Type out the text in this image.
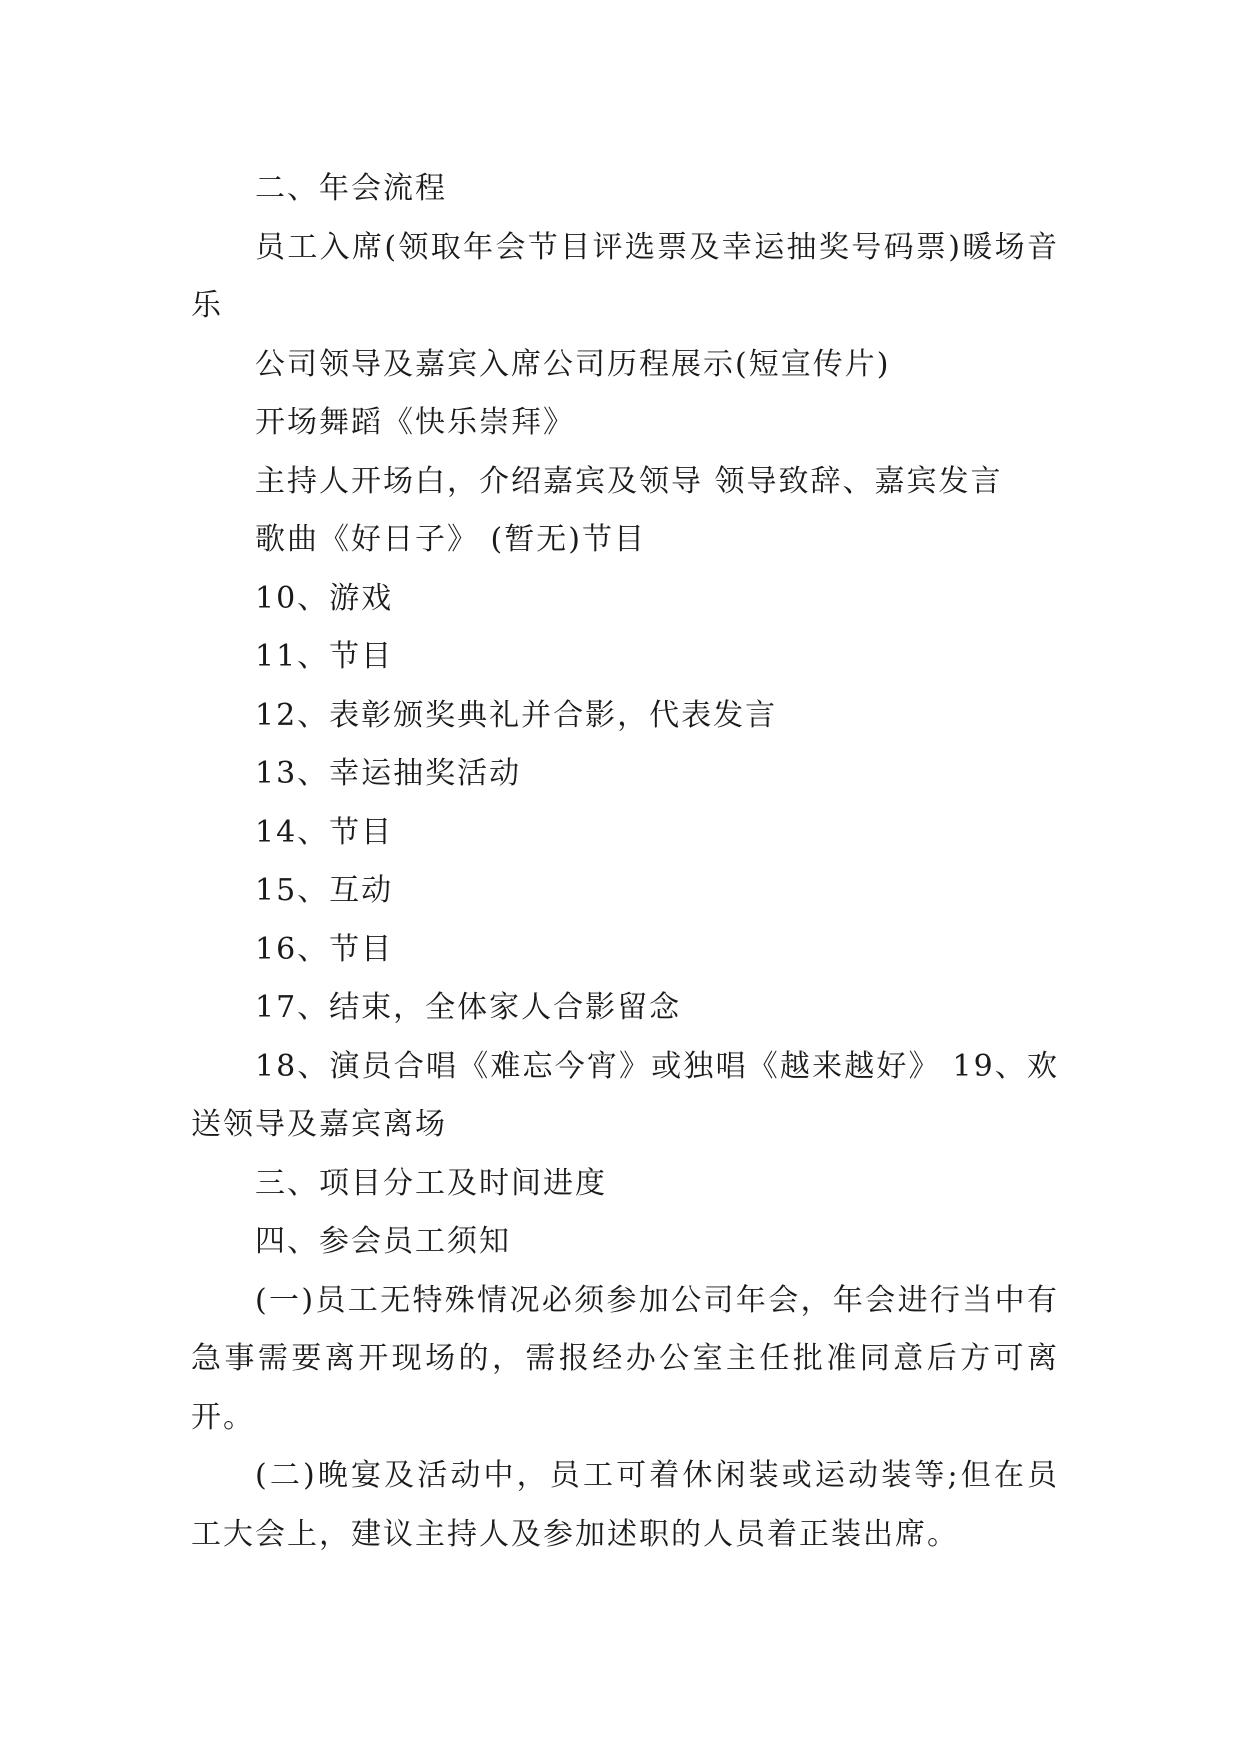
二、年会流程

员工入席(领取年会节目评选票及幸运抽奖号码票)暖场音乐

公司领导及嘉宾入席公司历程展示(短宣传片)

开场舞蹈《快乐崇拜》

主持人开场白，介绍嘉宾及领导 领导致辞、嘉宾发言

歌曲《好日子》 (暂无)节目

10、游戏

11、节目

12、表彰颁奖典礼并合影，代表发言

13、幸运抽奖活动

14、节目

15、互动

16、节目

17、结束，全体家人合影留念

18、演员合唱《难忘今宵》或独唱《越来越好》 19、欢送领导及嘉宾离场

三、项目分工及时间进度

四、参会员工须知

(一)员工无特殊情况必须参加公司年会，年会进行当中有急事需要离开现场的，需报经办公室主任批准同意后方可离开。

(二)晚宴及活动中，员工可着休闲装或运动装等;但在员工大会上，建议主持人及参加述职的人员着正装出席。
